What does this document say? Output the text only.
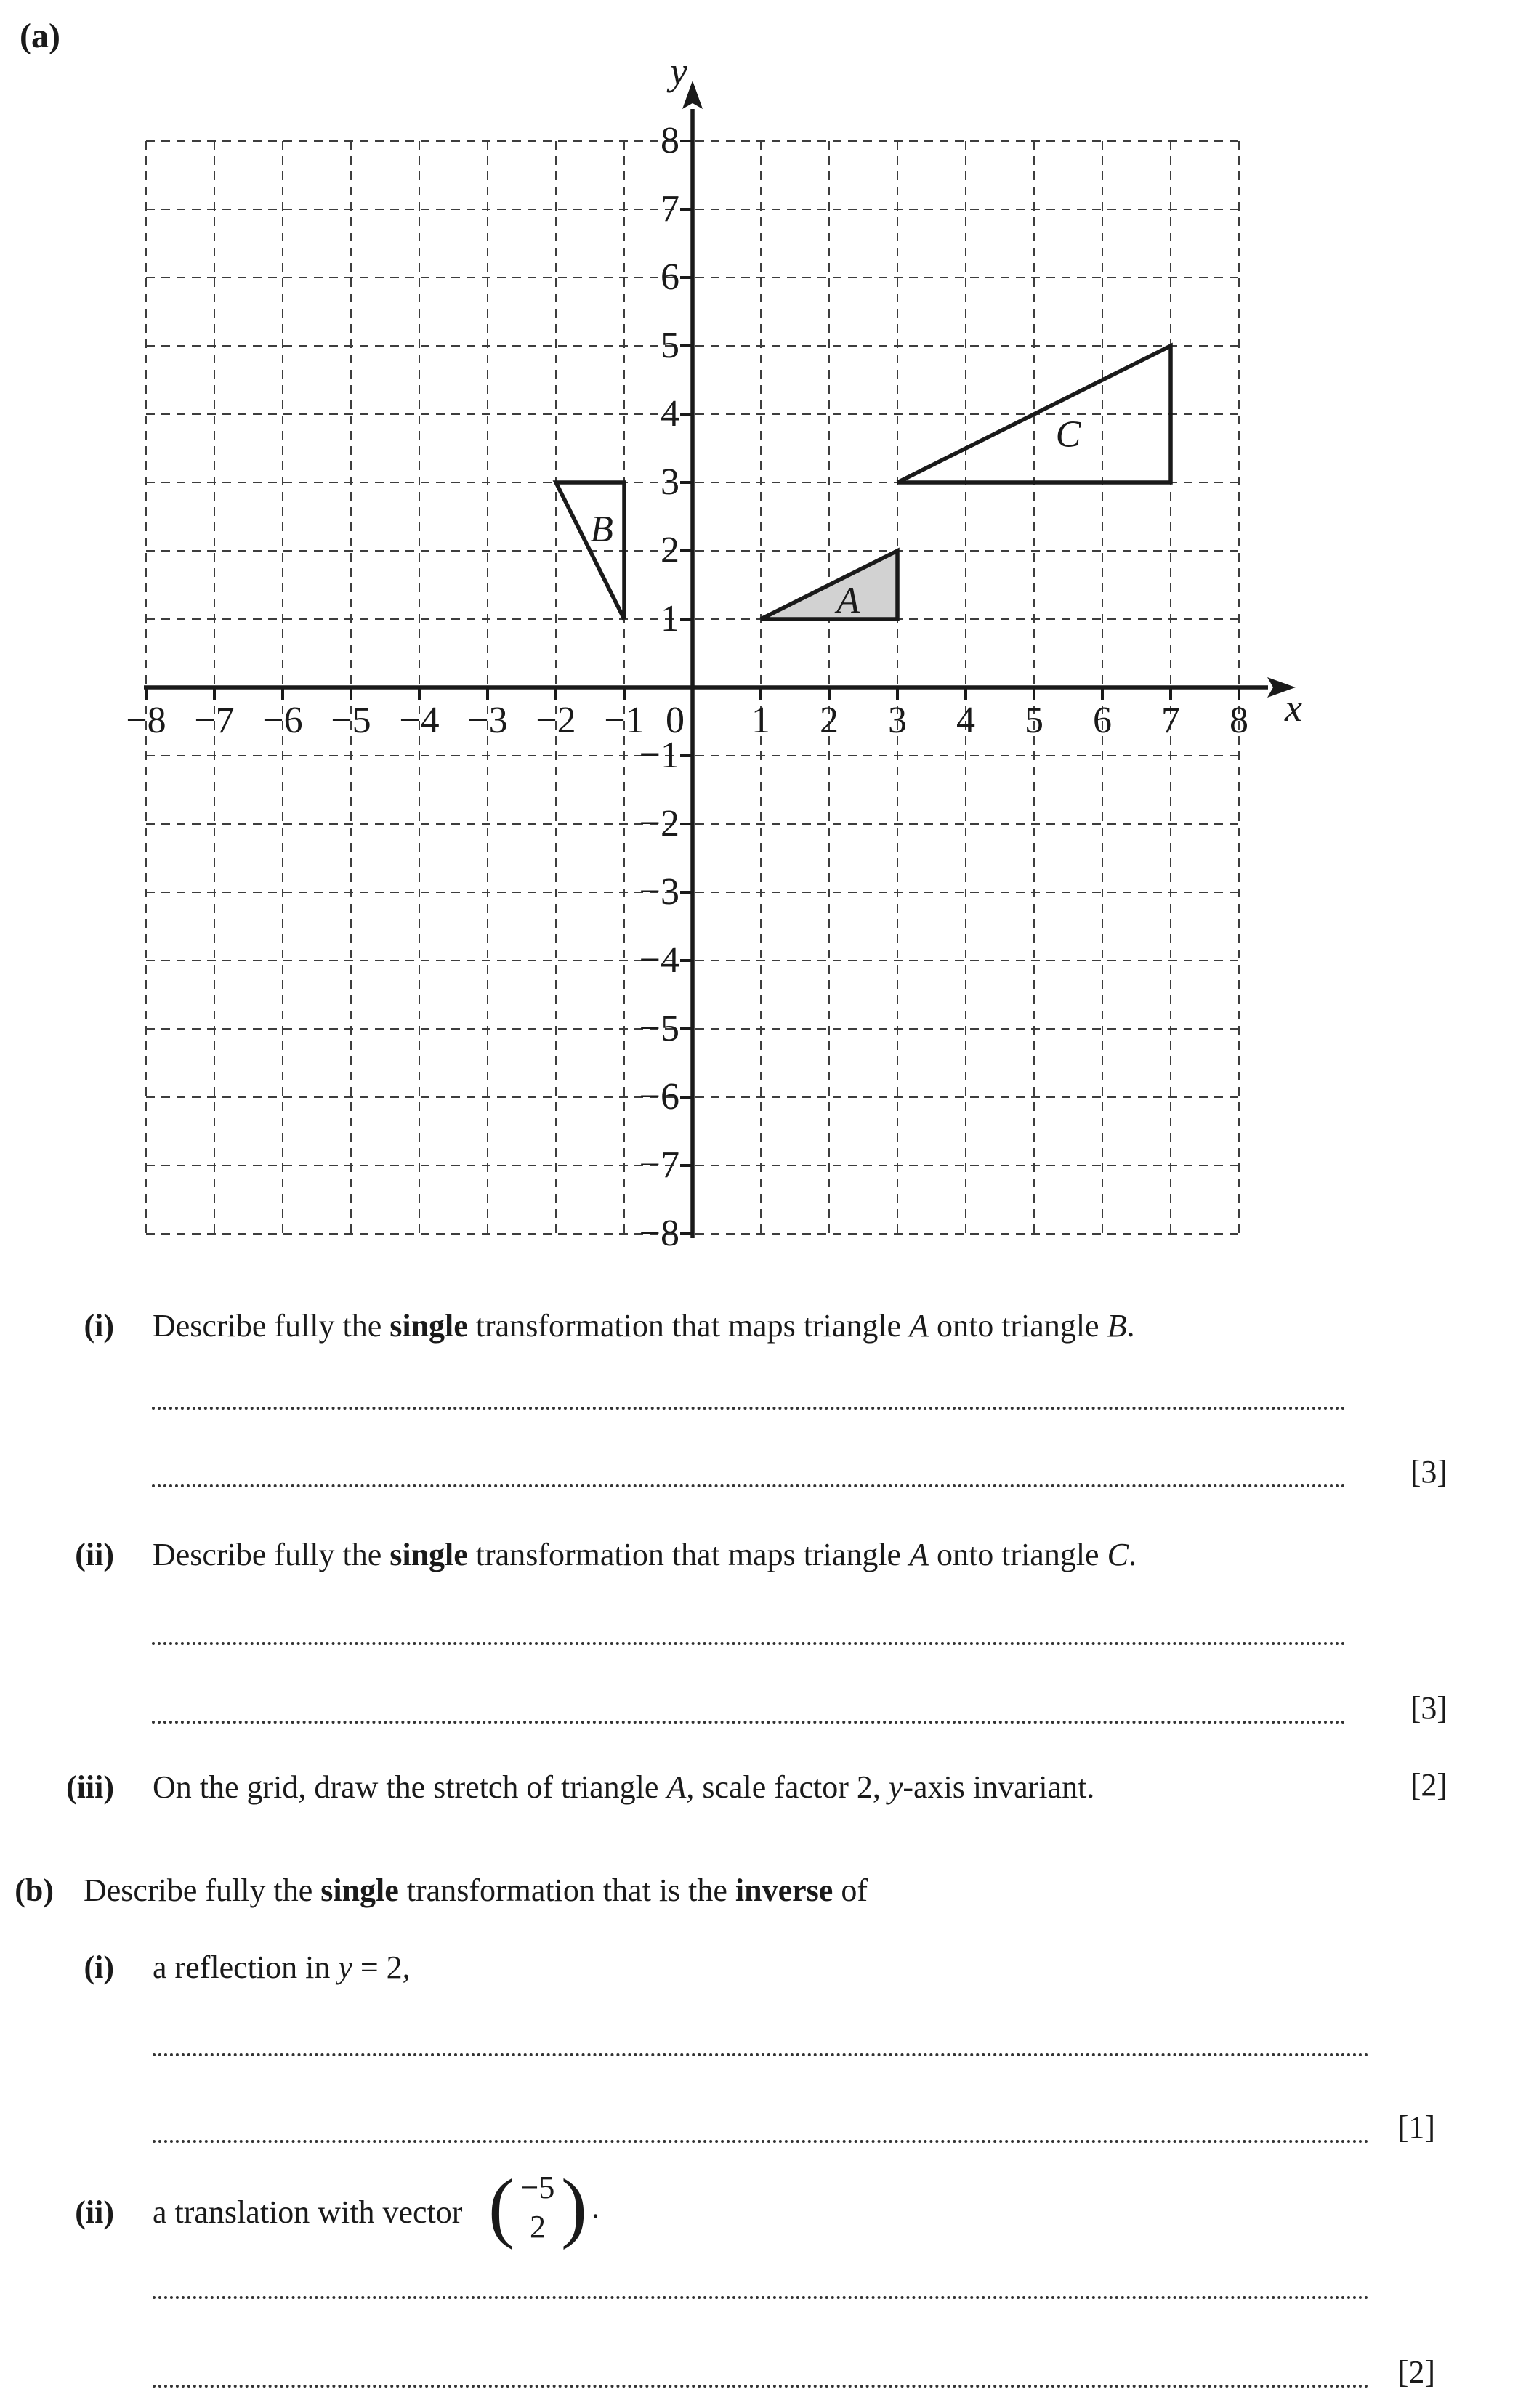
(a)
A
B
C
−8 −7 −6 −5 −4 −3 −2 −1 0 1 2 3 4 5 6 7 8
−8
−7
−6
−5
−4
−3
−2
−1
1
2
3
4
5
6
7
8
y
x
(i) Describe fully the single transformation that maps triangle A onto triangle B.
[3]
(ii) Describe fully the single transformation that maps triangle A onto triangle C.
[3]
(iii) On the grid, draw the stretch of triangle A, scale factor 2, y-axis invariant.	[2]
(b) Describe fully the single transformation that is the inverse of
(i) a reflection in y = 2,
[1]
(ii) a translation with vector ( −5
2 ) .
[2]
